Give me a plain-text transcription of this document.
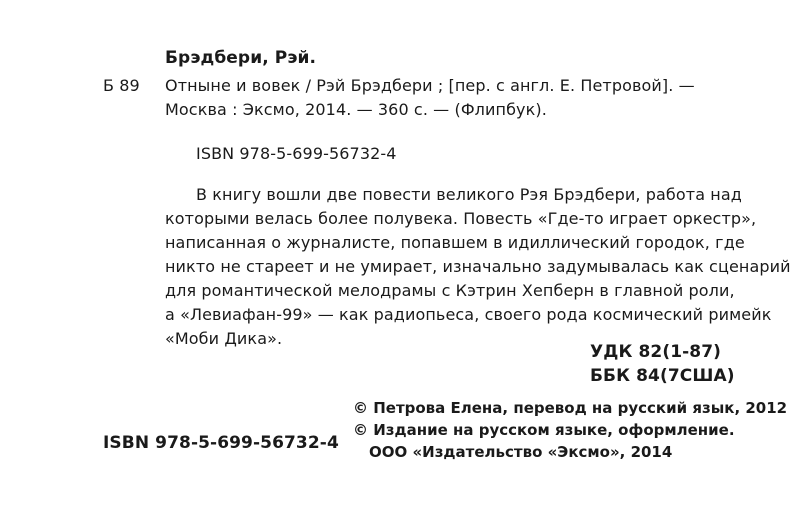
Брэдбери, Рэй.
Б 89 Отныне и вовек / Рэй Брэдбери ; [пер. с англ. Е. Петровой]. —
Москва : Эксмо, 2014. — 360 с. — (Флипбук).
ISBN 978-5-699-56732-4
В книгу вошли две повести великого Рэя Брэдбери, работа над
которыми велась более полувека. Повесть «Где-то играет оркестр»,
написанная о журналисте, попавшем в идиллический городок, где
никто не стареет и не умирает, изначально задумывалась как сценарий
для романтической мелодрамы с Кэтрин Хепберн в главной роли,
а «Левиафан-99» — как радиопьеса, своего рода космический римейк
«Моби Дика».
УДК 82(1-87)
ББК 84(7США)
© Петрова Елена, перевод на русский язык, 2012
© Издание на русском языке, оформление.
ООО «Издательство «Эксмо», 2014
ISBN 978-5-699-56732-4
